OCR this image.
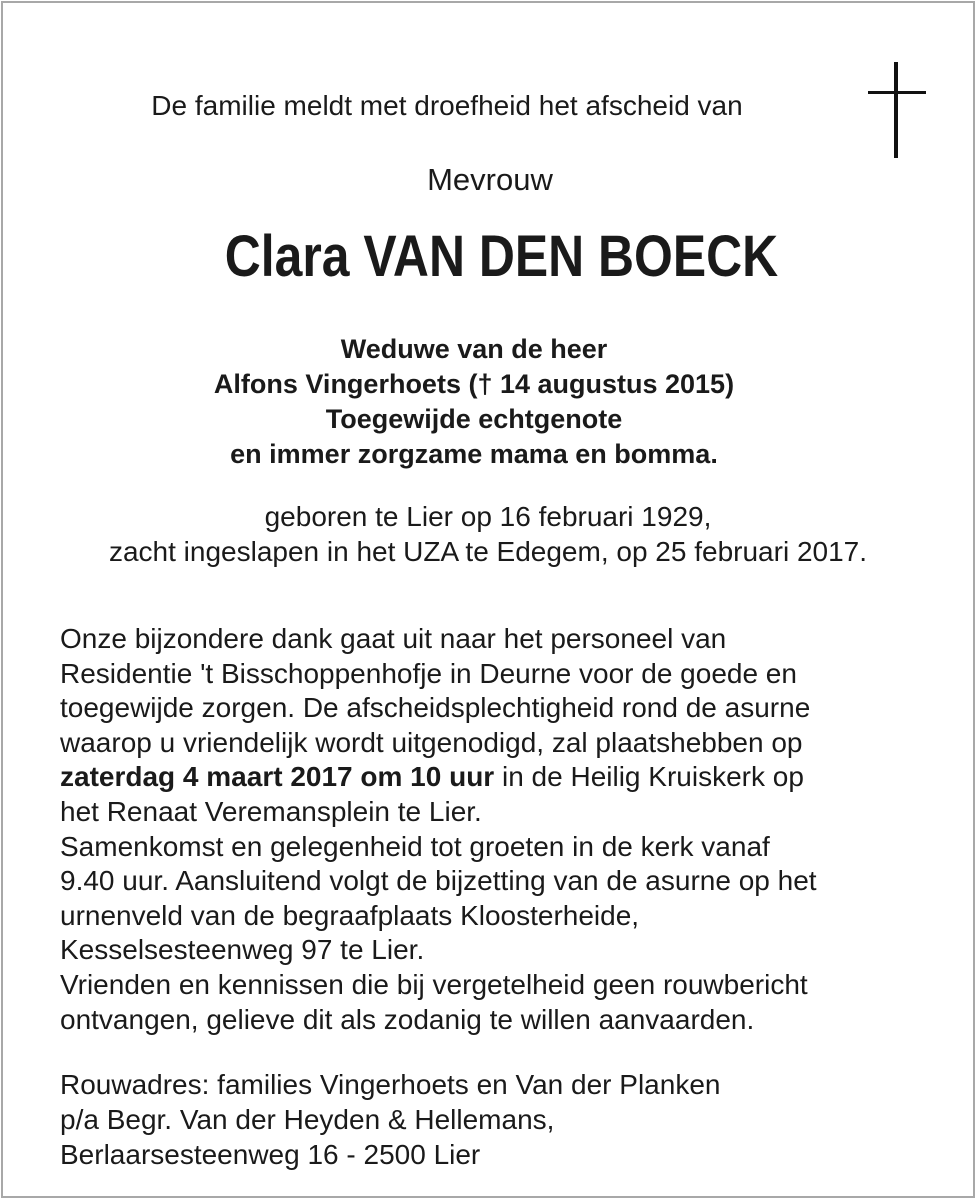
De familie meldt met droefheid het afscheid van
Mevrouw
Clara VAN DEN BOECK
Weduwe van de heer
Alfons Vingerhoets († 14 augustus 2015)
Toegewijde echtgenote
en immer zorgzame mama en bomma.
geboren te Lier op 16 februari 1929,
zacht ingeslapen in het UZA te Edegem, op 25 februari 2017.
Onze bijzondere dank gaat uit naar het personeel van
Residentie 't Bisschoppenhofje in Deurne voor de goede en
toegewijde zorgen. De afscheidsplechtigheid rond de asurne
waarop u vriendelijk wordt uitgenodigd, zal plaatshebben op
zaterdag 4 maart 2017 om 10 uur in de Heilig Kruiskerk op
het Renaat Veremansplein te Lier.
Samenkomst en gelegenheid tot groeten in de kerk vanaf
9.40 uur. Aansluitend volgt de bijzetting van de asurne op het
urnenveld van de begraafplaats Kloosterheide,
Kesselsesteenweg 97 te Lier.
Vrienden en kennissen die bij vergetelheid geen rouwbericht
ontvangen, gelieve dit als zodanig te willen aanvaarden.
Rouwadres: families Vingerhoets en Van der Planken
p/a Begr. Van der Heyden & Hellemans,
Berlaarsesteenweg 16 - 2500 Lier
